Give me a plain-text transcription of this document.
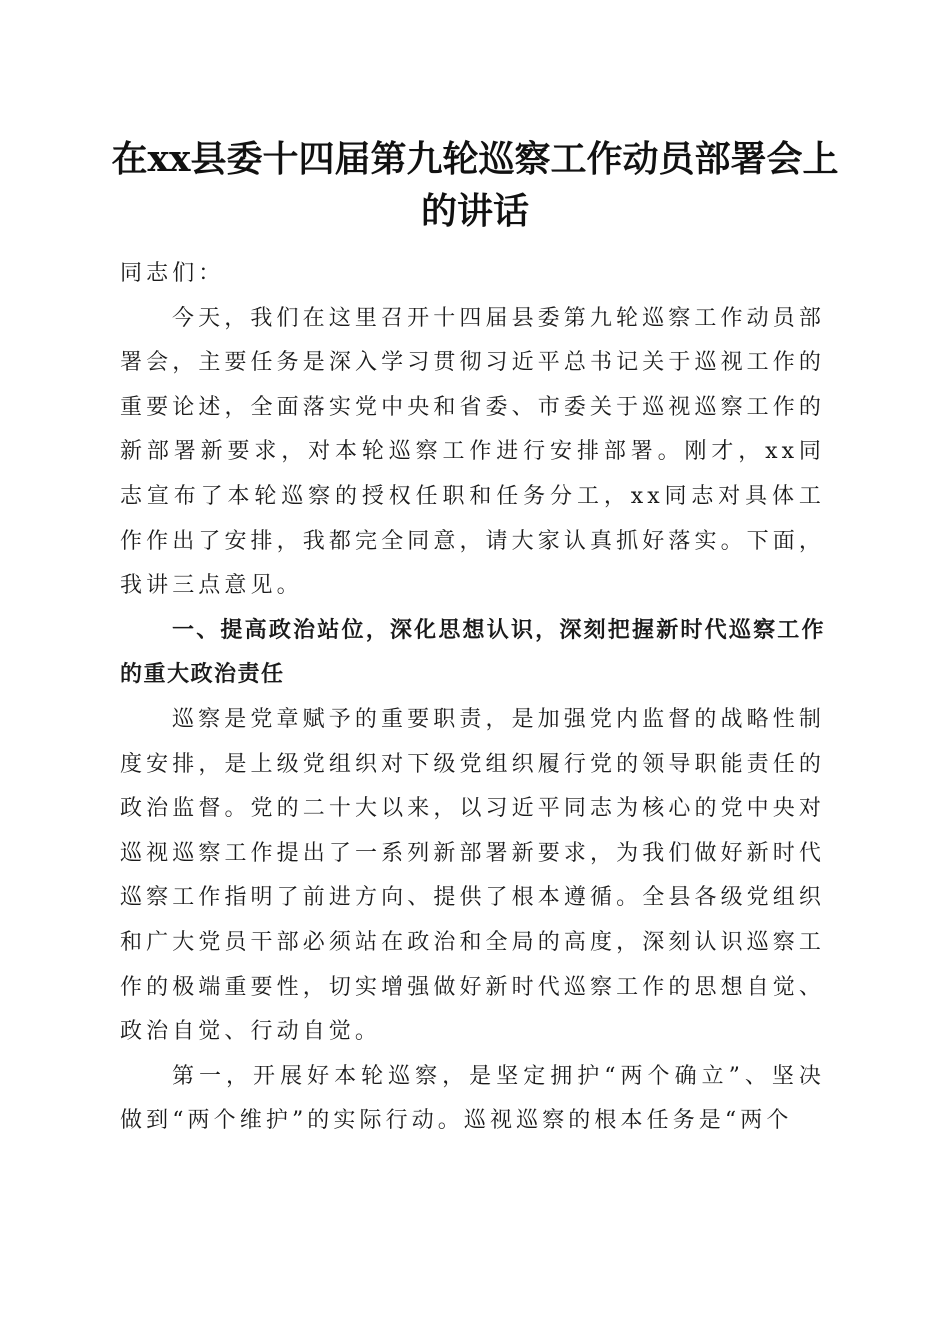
在xx县委十四届第九轮巡察工作动员部署会上的讲话

同志们：

今天，我们在这里召开十四届县委第九轮巡察工作动员部署会，主要任务是深入学习贯彻习近平总书记关于巡视工作的重要论述，全面落实党中央和省委、市委关于巡视巡察工作的新部署新要求，对本轮巡察工作进行安排部署。刚才，xx同志宣布了本轮巡察的授权任职和任务分工，xx同志对具体工作作出了安排，我都完全同意，请大家认真抓好落实。下面，我讲三点意见。

一、提高政治站位，深化思想认识，深刻把握新时代巡察工作的重大政治责任

巡察是党章赋予的重要职责，是加强党内监督的战略性制度安排，是上级党组织对下级党组织履行党的领导职能责任的政治监督。党的二十大以来，以习近平同志为核心的党中央对巡视巡察工作提出了一系列新部署新要求，为我们做好新时代巡察工作指明了前进方向、提供了根本遵循。全县各级党组织和广大党员干部必须站在政治和全局的高度，深刻认识巡察工作的极端重要性，切实增强做好新时代巡察工作的思想自觉、政治自觉、行动自觉。

第一，开展好本轮巡察，是坚定拥护“两个确立”、坚决做到“两个维护”的实际行动。巡视巡察的根本任务是“两个
